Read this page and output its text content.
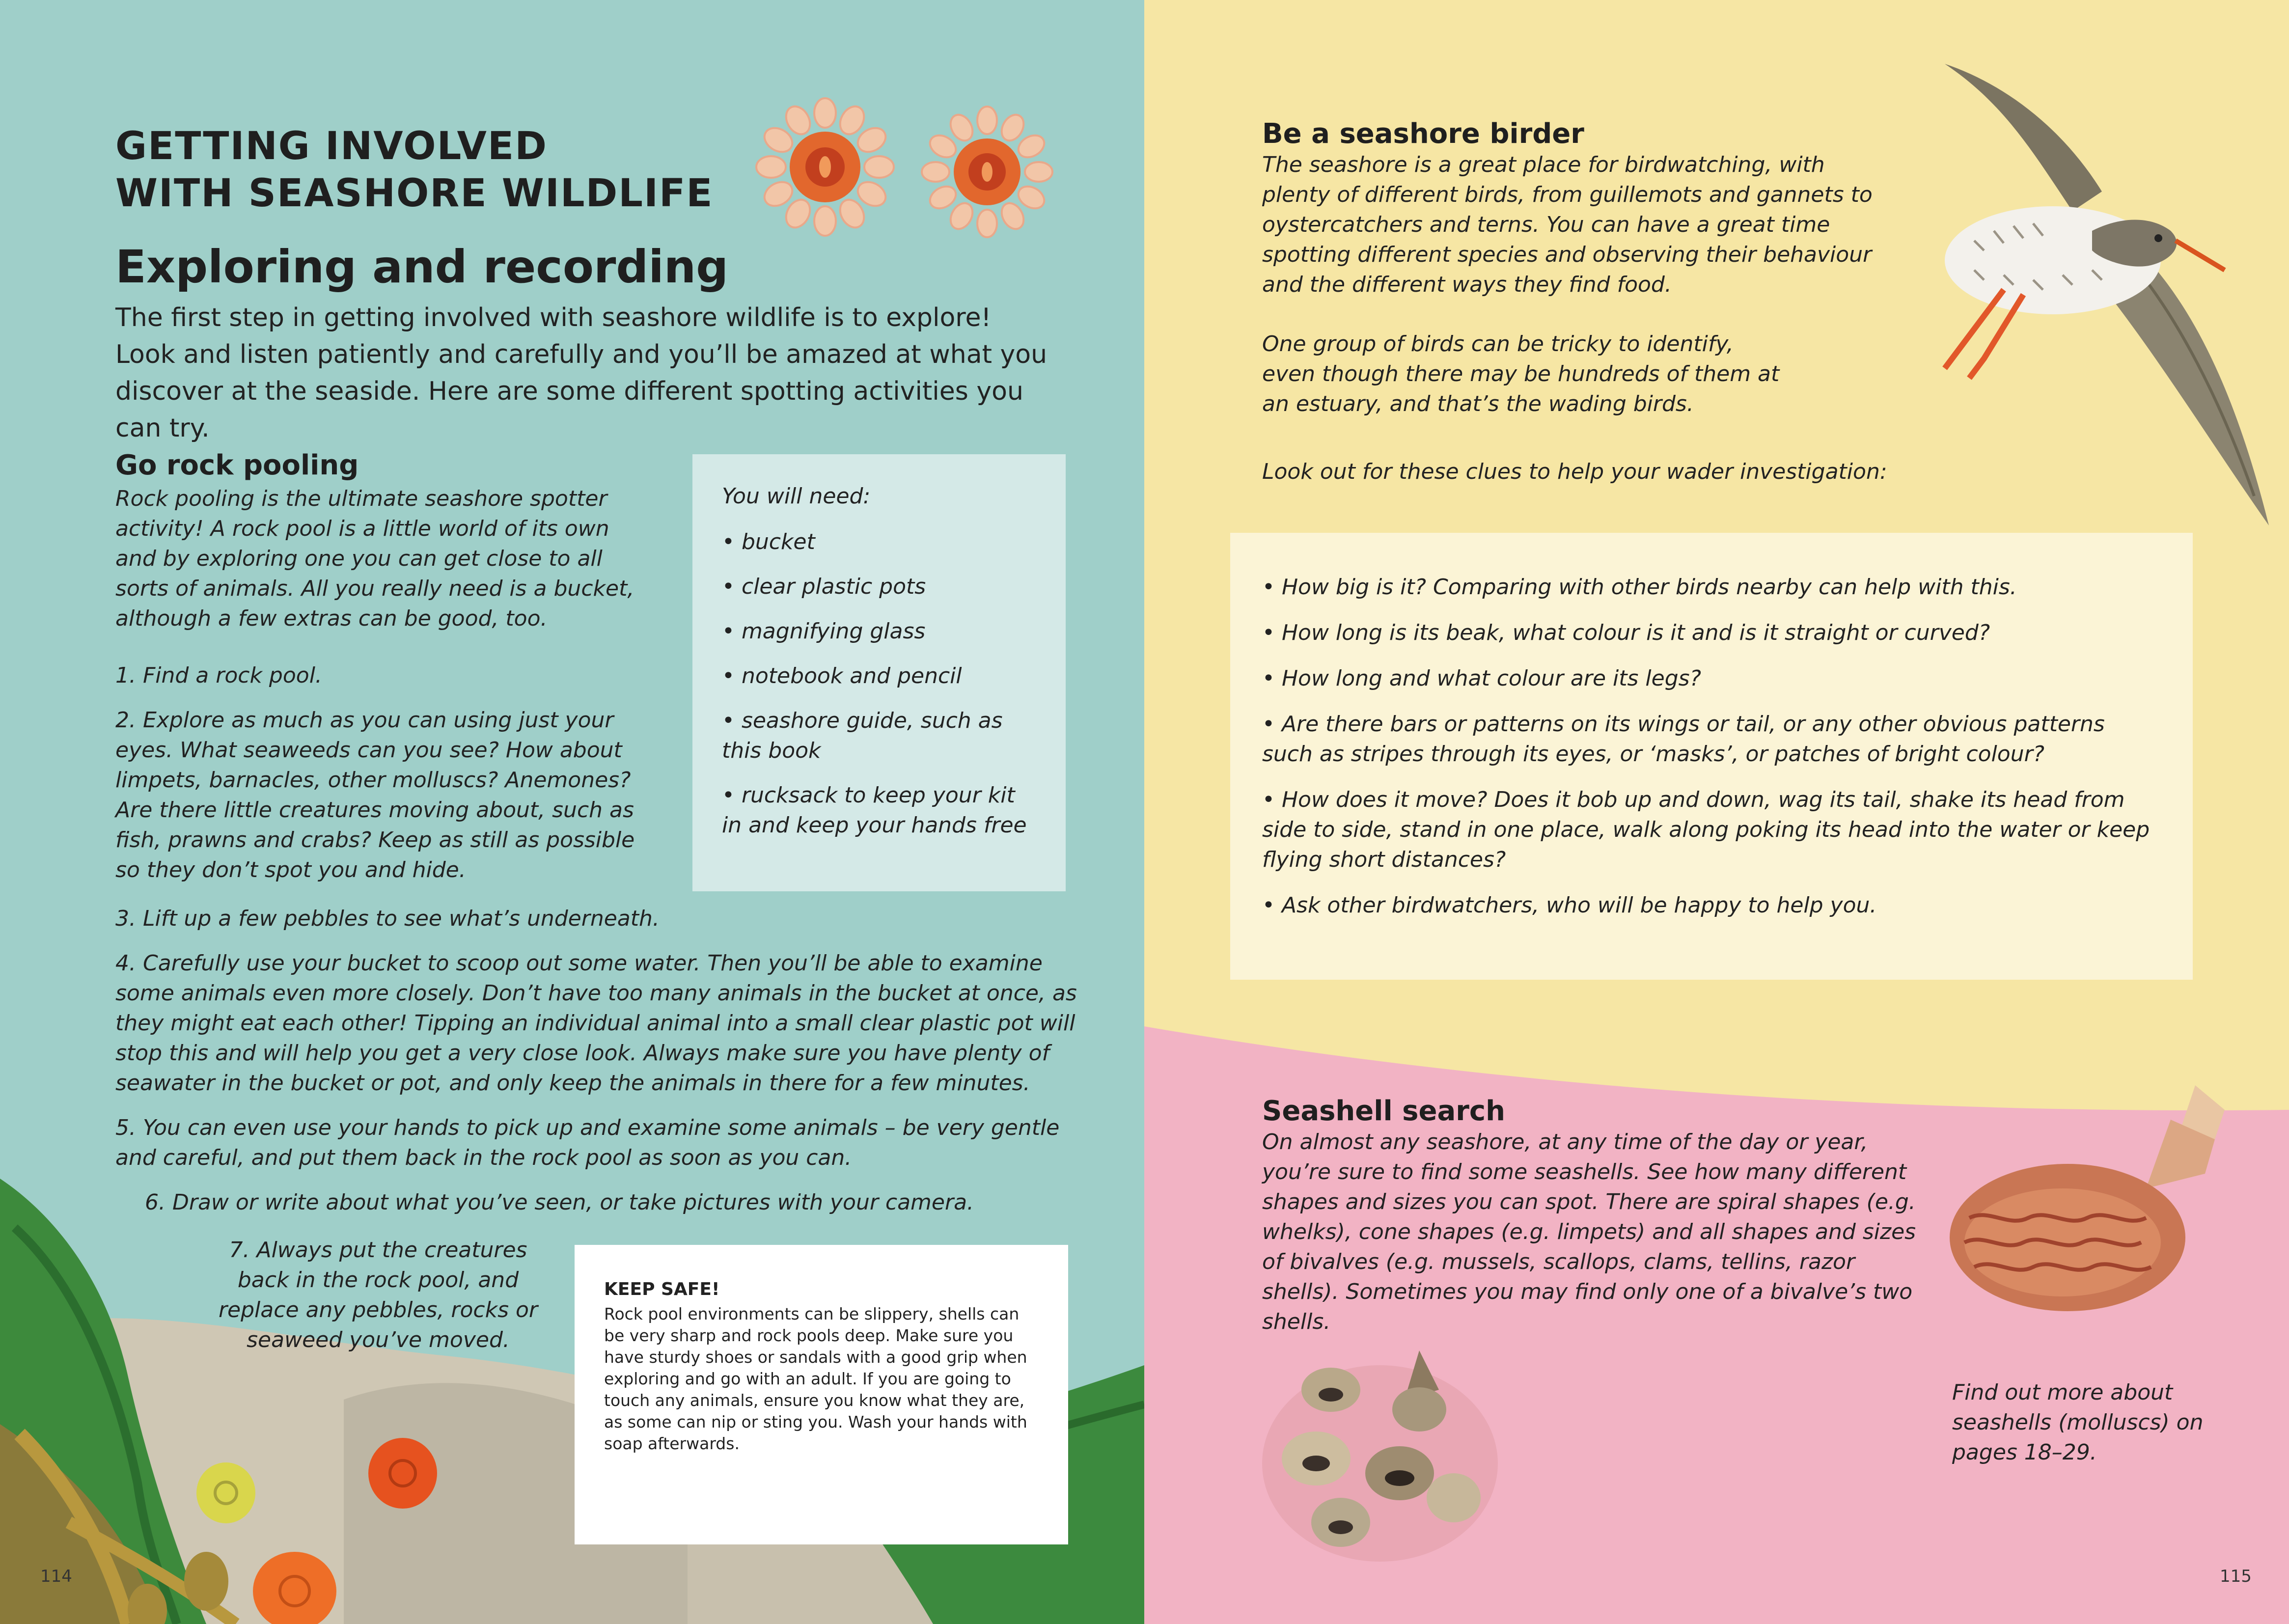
GETTING INVOLVED
WITH SEASHORE WILDLIFE
Exploring and recording
The first step in getting involved with seashore wildlife is to explore! Look and listen patiently and carefully and you’ll be amazed at what you discover at the seaside. Here are some different spotting activities you can try.
Go rock pooling
Rock pooling is the ultimate seashore spotter activity! A rock pool is a little world of its own and by exploring one you can get close to all sorts of animals. All you really need is a bucket, although a few extras can be good, too.
You will need:
• bucket
• clear plastic pots
• magnifying glass
• notebook and pencil
• seashore guide, such as this book
• rucksack to keep your kit in and keep your hands free

1. Find a rock pool.

2. Explore as much as you can using just your eyes. What seaweeds can you see? How about limpets, barnacles, other molluscs? Anemones? Are there little creatures moving about, such as fish, prawns and crabs? Keep as still as possible so they don’t spot you and hide.

3. Lift up a few pebbles to see what’s underneath.

4. Carefully use your bucket to scoop out some water. Then you’ll be able to examine some animals even more closely. Don’t have too many animals in the bucket at once, as they might eat each other! Tipping an individual animal into a small clear plastic pot will stop this and will help you get a very close look. Always make sure you have plenty of seawater in the bucket or pot, and only keep the animals in there for a few minutes.

5. You can even use your hands to pick up and examine some animals – be very gentle and careful, and put them back in the rock pool as soon as you can.

6. Draw or write about what you’ve seen, or take pictures with your camera.

7. Always put the creatures back in the rock pool, and replace any pebbles, rocks or seaweed you’ve moved.
KEEP SAFE!
Rock pool environments can be slippery, shells can be very sharp and rock pools deep. Make sure you have sturdy shoes or sandals with a good grip when exploring and go with an adult. If you are going to touch any animals, ensure you know what they are, as some can nip or sting you. Wash your hands with soap afterwards.
114
Be a seashore birder
The seashore is a great place for birdwatching, with plenty of different birds, from guillemots and gannets to oystercatchers and terns. You can have a great time spotting different species and observing their behaviour and the different ways they find food.
One group of birds can be tricky to identify, even though there may be hundreds of them at an estuary, and that’s the wading birds.
Look out for these clues to help your wader investigation:

• How big is it? Comparing with other birds nearby can help with this.

• How long is its beak, what colour is it and is it straight or curved?

• How long and what colour are its legs?

• Are there bars or patterns on its wings or tail, or any other obvious patterns such as stripes through its eyes, or ‘masks’, or patches of bright colour?

• How does it move? Does it bob up and down, wag its tail, shake its head from side to side, stand in one place, walk along poking its head into the water or keep flying short distances?

• Ask other birdwatchers, who will be happy to help you.

Seashell search
On almost any seashore, at any time of the day or year, you’re sure to find some seashells. See how many different shapes and sizes you can spot. There are spiral shapes (e.g. whelks), cone shapes (e.g. limpets) and all shapes and sizes of bivalves (e.g. mussels, scallops, clams, tellins, razor shells). Sometimes you may find only one of a bivalve’s two shells.
Find out more about seashells (molluscs) on pages 18–29.
115
